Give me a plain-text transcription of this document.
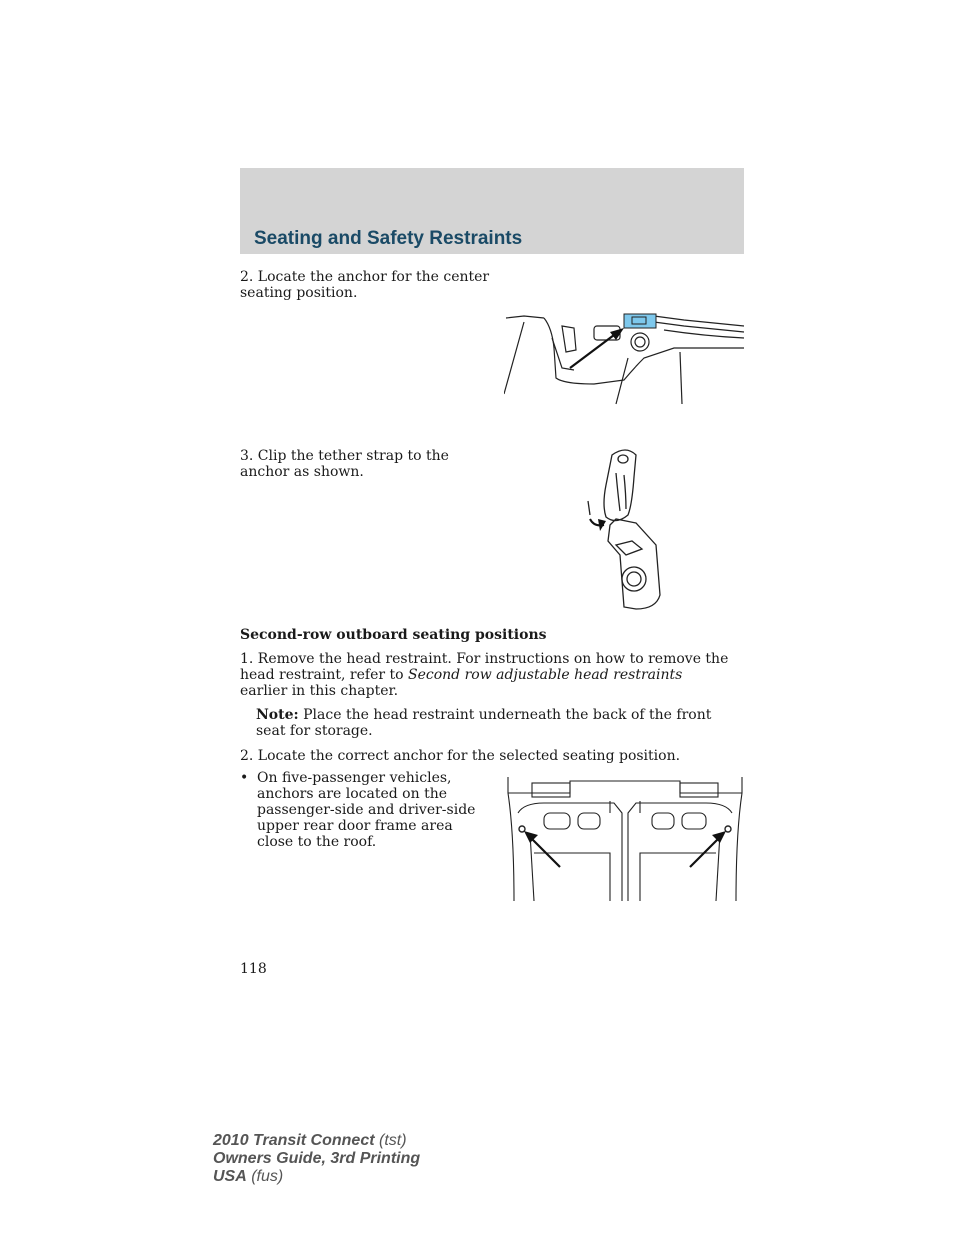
Seating and Safety Restraints

2. Locate the anchor for the center seating position.

3. Clip the tether strap to the anchor as shown.

Second-row outboard seating positions

1. Remove the head restraint. For instructions on how to remove the head restraint, refer to Second row adjustable head restraints earlier in this chapter.

Note: Place the head restraint underneath the back of the front seat for storage.

2. Locate the correct anchor for the selected seating position.

• On five-passenger vehicles, anchors are located on the passenger-side and driver-side upper rear door frame area close to the roof.

118

2010 Transit Connect (tst)
Owners Guide, 3rd Printing
USA (fus)
